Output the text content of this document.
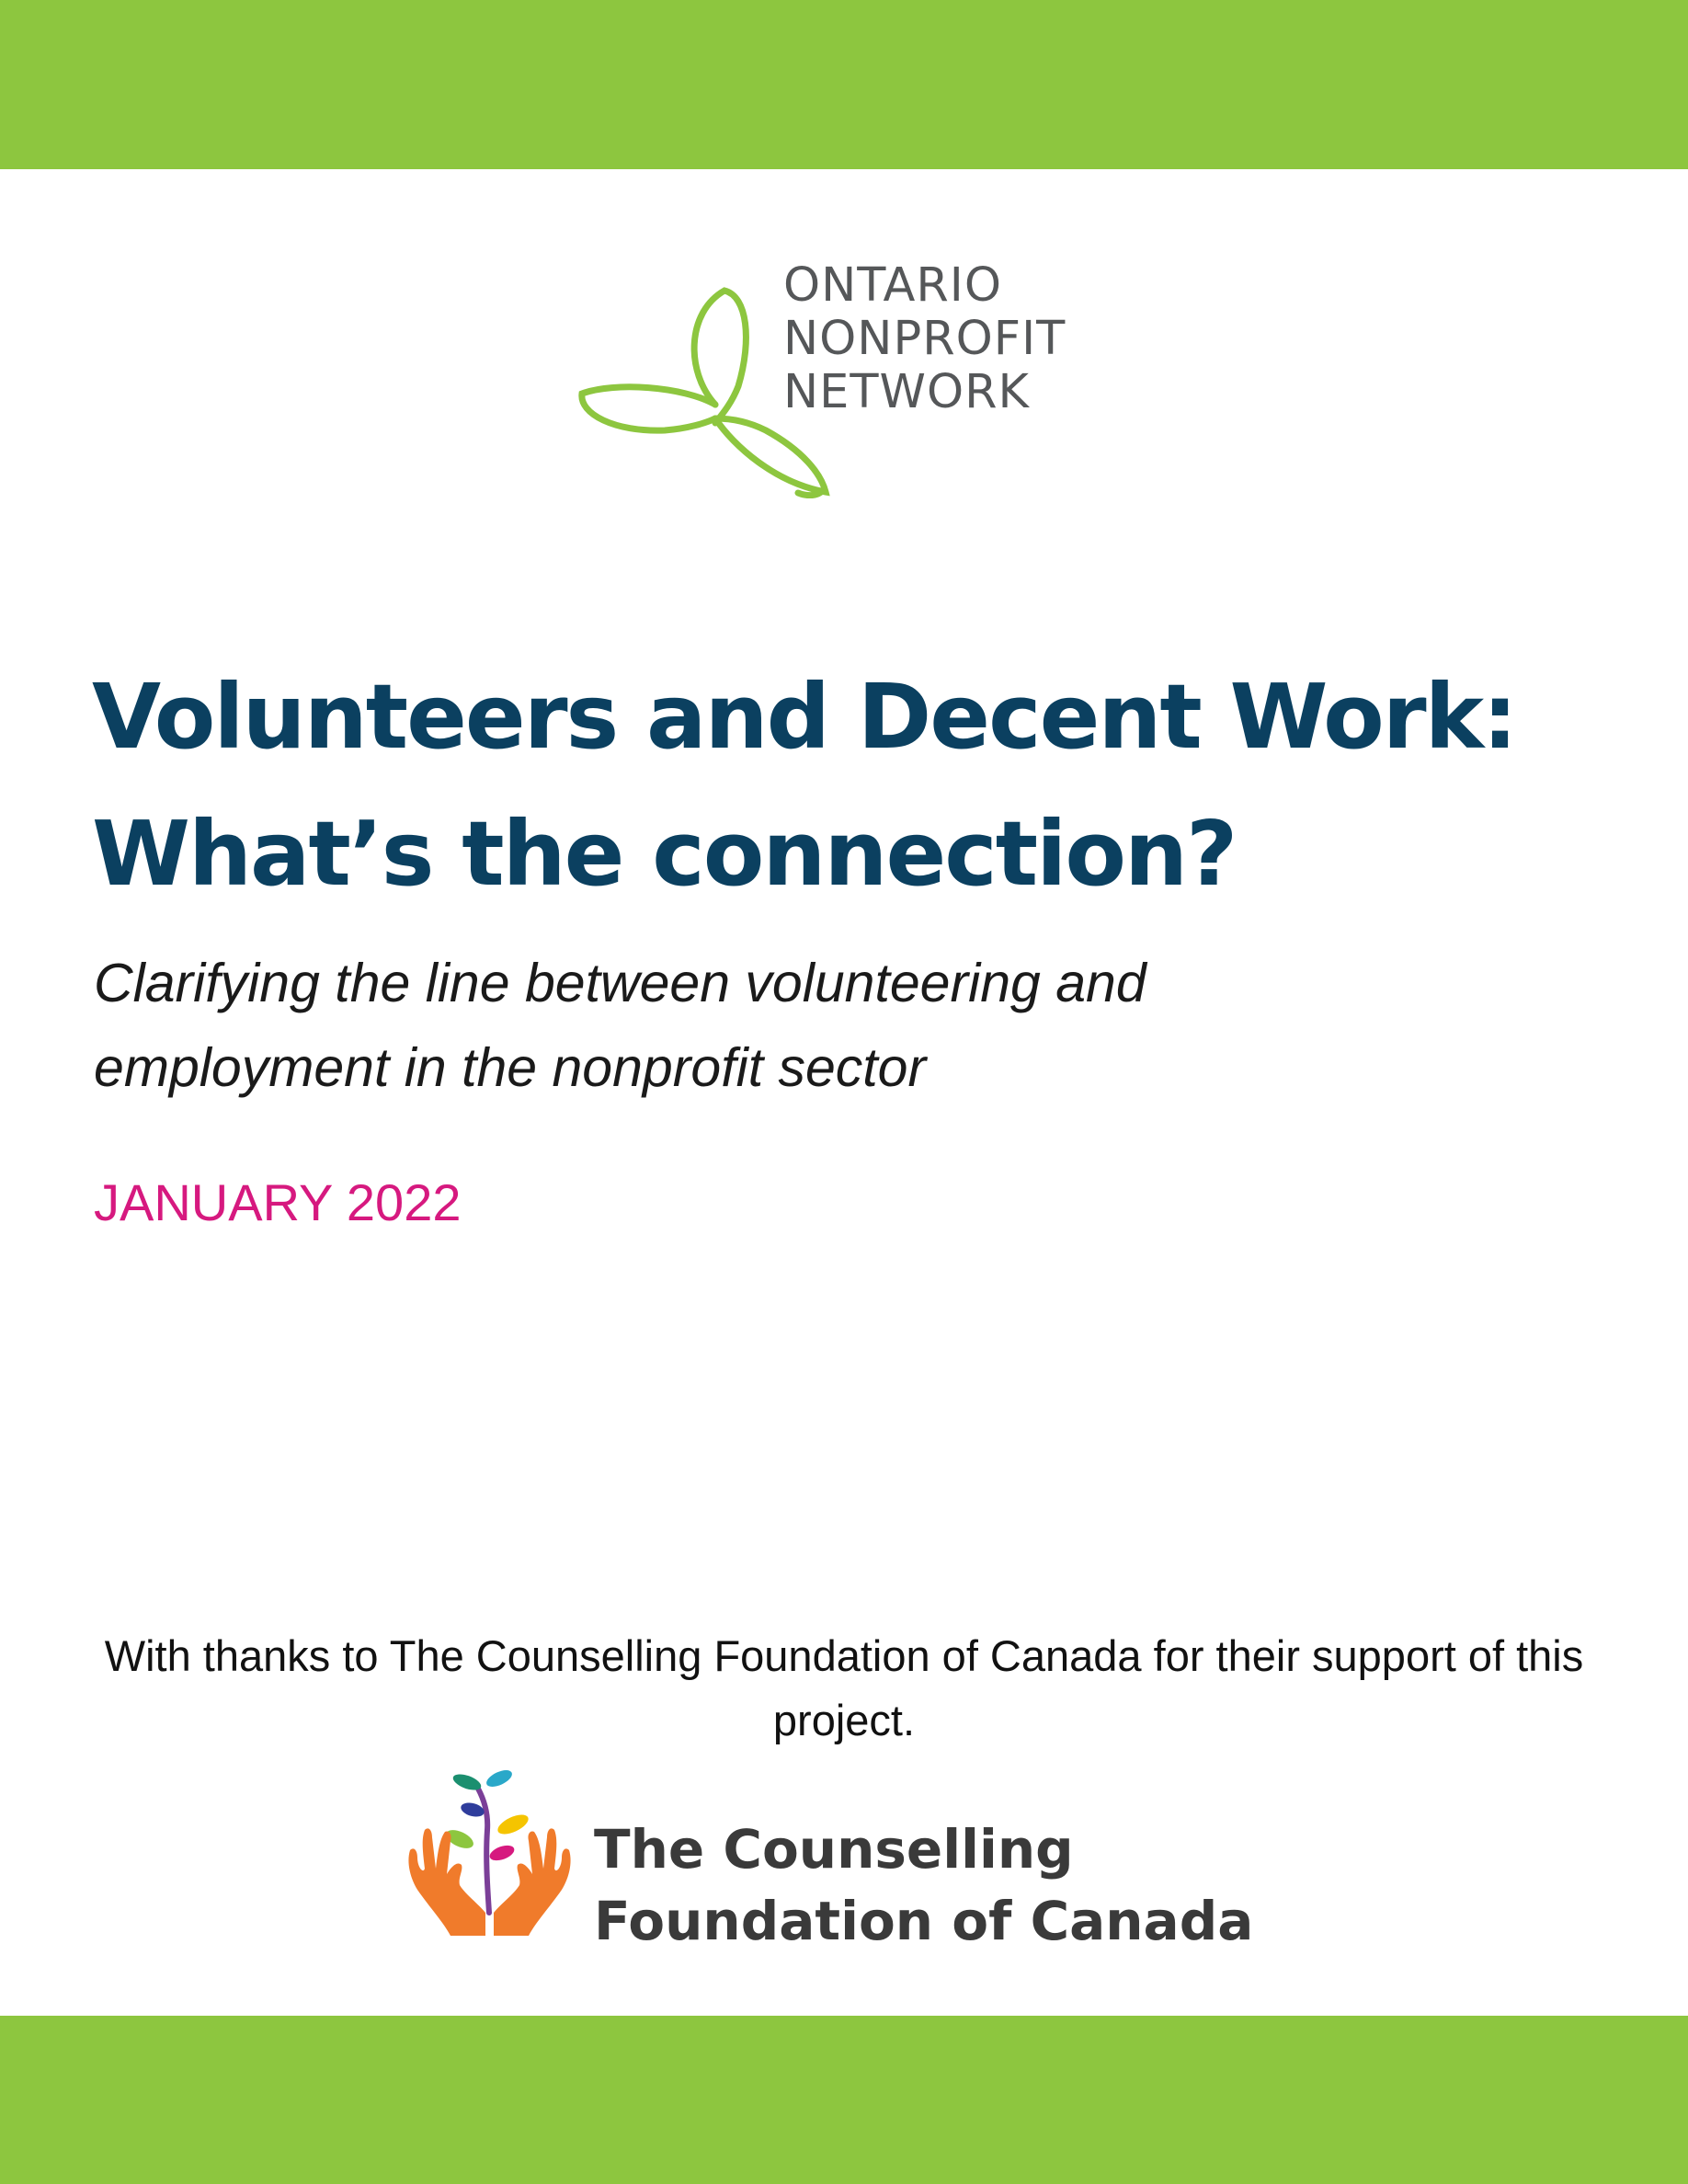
ONTARIO
NONPROFIT
NETWORK
Volunteers and Decent Work:
What’s the connection?
Clarifying the line between volunteering and
employment in the nonprofit sector
JANUARY 2022
With thanks to The Counselling Foundation of Canada for their support of this project.
The Counselling
Foundation of Canada
